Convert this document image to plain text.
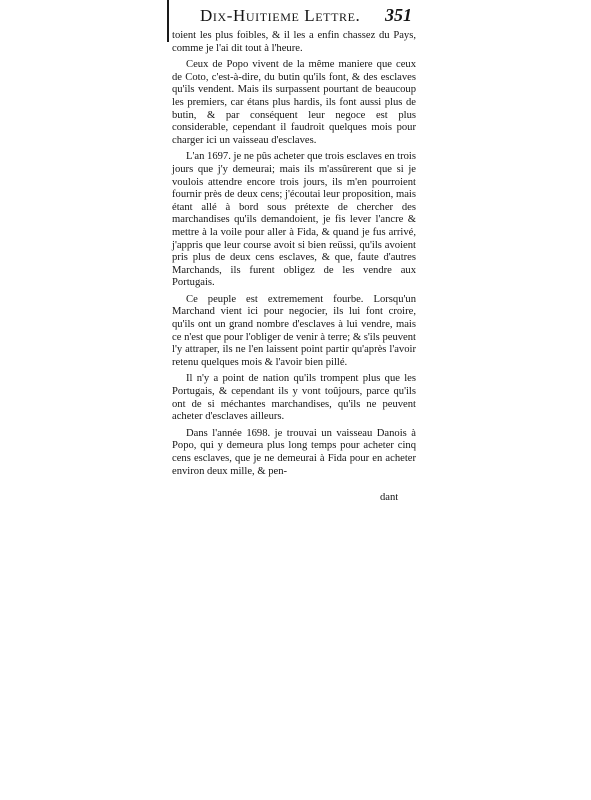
Dix-Huitieme Lettre. 351

toient les plus foibles, & il les a enfin chassez du Pays, comme je l'ai dit tout à l'heure.

Ceux de Popo vivent de la même maniere que ceux de Coto, c'est-à-dire, du butin qu'ils font, & des esclaves qu'ils vendent. Mais ils surpassent pourtant de beaucoup les premiers, car étans plus hardis, ils font aussi plus de butin, & par conséquent leur negoce est plus considerable, cependant il faudroit quelques mois pour charger ici un vaisseau d'esclaves.

L'an 1697. je ne pûs acheter que trois esclaves en trois jours que j'y demeurai; mais ils m'assûrerent que si je voulois attendre encore trois jours, ils m'en pourroient fournir près de deux cens; j'écoutai leur proposition, mais étant allé à bord sous prétexte de chercher des marchandises qu'ils demandoient, je fis lever l'ancre & mettre à la voile pour aller à Fida, & quand je fus arrivé, j'appris que leur course avoit si bien reüssi, qu'ils avoient pris plus de deux cens esclaves, & que, faute d'autres Marchands, ils furent obligez de les vendre aux Portugais.

Ce peuple est extremement fourbe. Lorsqu'un Marchand vient ici pour negocier, ils lui font croire, qu'ils ont un grand nombre d'esclaves à lui vendre, mais ce n'est que pour l'obliger de venir à terre; & s'ils peuvent l'y attraper, ils ne l'en laissent point partir qu'après l'avoir retenu quelques mois & l'avoir bien pillé.

Il n'y a point de nation qu'ils trompent plus que les Portugais, & cependant ils y vont toûjours, parce qu'ils ont de si méchantes marchandises, qu'ils ne peuvent acheter d'esclaves ailleurs.

Dans l'année 1698. je trouvai un vaisseau Danois à Popo, qui y demeura plus long temps pour acheter cinq cens esclaves, que je ne demeurai à Fida pour en acheter environ deux mille, & pen-

dant
